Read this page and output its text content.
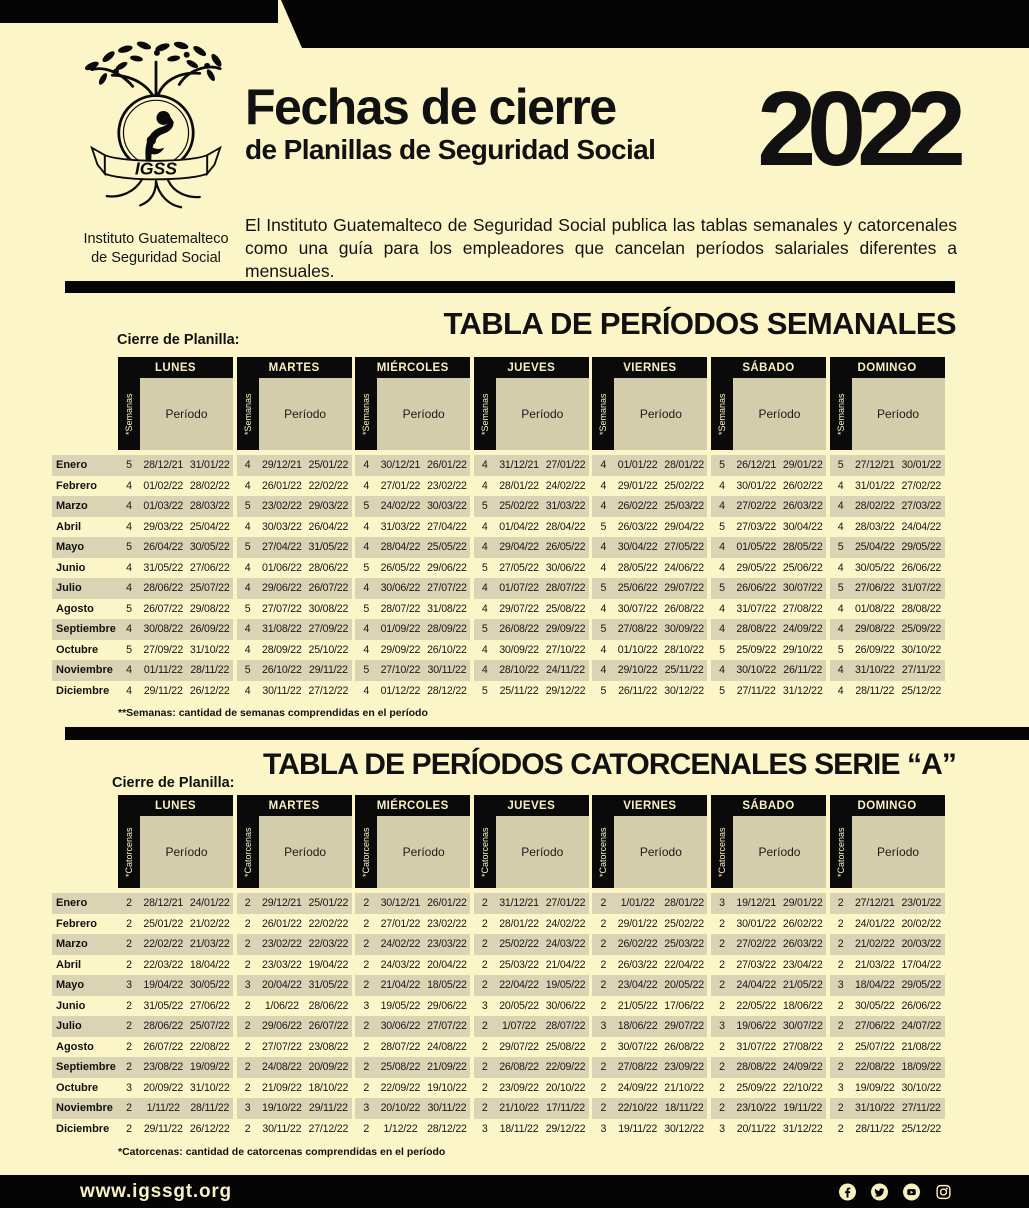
IGSS
Instituto Guatemalteco
de Seguridad Social
Fechas de cierre
de Planillas de Seguridad Social 2022

El Instituto Guatemalteco de Seguridad Social publica las tablas semanales y catorcenales como una guía para los empleadores que cancelan períodos salariales diferentes a mensuales.

TABLA DE PERÍODOS SEMANALES
Cierre de Planilla:
LUNES
*Semanas	Período
MARTES
*Semanas	Período
MIÉRCOLES
*Semanas	Período
JUEVES
*Semanas	Período
VIERNES
*Semanas	Período
SÁBADO
*Semanas	Período
DOMINGO
*Semanas	Período
Enero	5	28/12/21 31/01/22	4	29/12/21 25/01/22	4	30/12/21 26/01/22	4	31/12/21 27/01/22	4	01/01/22 28/01/22	5	26/12/21 29/01/22	5	27/12/21 30/01/22
Febrero	4	01/02/22 28/02/22	4	26/01/22 22/02/22	4	27/01/22 23/02/22	4	28/01/22 24/02/22	4	29/01/22 25/02/22	4	30/01/22 26/02/22	4	31/01/22 27/02/22
Marzo	4	01/03/22 28/03/22	5	23/02/22 29/03/22	5	24/02/22 30/03/22	5	25/02/22 31/03/22	4	26/02/22 25/03/22	4	27/02/22 26/03/22	4	28/02/22 27/03/22
Abril	4	29/03/22 25/04/22	4	30/03/22 26/04/22	4	31/03/22 27/04/22	4	01/04/22 28/04/22	5	26/03/22 29/04/22	5	27/03/22 30/04/22	4	28/03/22 24/04/22
Mayo	5	26/04/22 30/05/22	5	27/04/22 31/05/22	4	28/04/22 25/05/22	4	29/04/22 26/05/22	4	30/04/22 27/05/22	4	01/05/22 28/05/22	5	25/04/22 29/05/22
Junio	4	31/05/22 27/06/22	4	01/06/22 28/06/22	5	26/05/22 29/06/22	5	27/05/22 30/06/22	4	28/05/22 24/06/22	4	29/05/22 25/06/22	4	30/05/22 26/06/22
Julio	4	28/06/22 25/07/22	4	29/06/22 26/07/22	4	30/06/22 27/07/22	4	01/07/22 28/07/22	5	25/06/22 29/07/22	5	26/06/22 30/07/22	5	27/06/22 31/07/22
Agosto	5	26/07/22 29/08/22	5	27/07/22 30/08/22	5	28/07/22 31/08/22	4	29/07/22 25/08/22	4	30/07/22 26/08/22	4	31/07/22 27/08/22	4	01/08/22 28/08/22
Septiembre 4	30/08/22 26/09/22	4	31/08/22 27/09/22	4	01/09/22 28/09/22	5	26/08/22 29/09/22	5	27/08/22 30/09/22	4	28/08/22 24/09/22	4	29/08/22 25/09/22
Octubre	5	27/09/22 31/10/22	4	28/09/22 25/10/22	4	29/09/22 26/10/22	4	30/09/22 27/10/22	4	01/10/22 28/10/22	5	25/09/22 29/10/22	5	26/09/22 30/10/22
Noviembre	4	01/11/22 28/11/22	5	26/10/22 29/11/22	5	27/10/22 30/11/22	4	28/10/22 24/11/22	4	29/10/22 25/11/22	4	30/10/22 26/11/22	4	31/10/22 27/11/22
Diciembre	4	29/11/22 26/12/22	4	30/11/22 27/12/22	4	01/12/22 28/12/22	5	25/11/22 29/12/22	5	26/11/22 30/12/22	5	27/11/22 31/12/22	4	28/11/22 25/12/22
**Semanas: cantidad de semanas comprendidas en el período
TABLA DE PERÍODOS CATORCENALES SERIE “A”
Cierre de Planilla:
LUNES
*Catorcenas	Período
MARTES
*Catorcenas	Período
MIÉRCOLES
*Catorcenas	Período
JUEVES
*Catorcenas	Período
VIERNES
*Catorcenas	Período
SÁBADO
*Catorcenas	Período
DOMINGO
*Catorcenas	Período
Enero	2	28/12/21 24/01/22	2	29/12/21 25/01/22	2	30/12/21 26/01/22	2	31/12/21 27/01/22	2	1/01/22 28/01/22	3	19/12/21 29/01/22	2	27/12/21 23/01/22
Febrero	2	25/01/22 21/02/22	2	26/01/22 22/02/22	2	27/01/22 23/02/22	2	28/01/22 24/02/22	2	29/01/22 25/02/22	2	30/01/22 26/02/22	2	24/01/22 20/02/22
Marzo	2	22/02/22 21/03/22	2	23/02/22 22/03/22	2	24/02/22 23/03/22	2	25/02/22 24/03/22	2	26/02/22 25/03/22	2	27/02/22 26/03/22	2	21/02/22 20/03/22
Abril	2	22/03/22 18/04/22	2	23/03/22 19/04/22	2	24/03/22 20/04/22	2	25/03/22 21/04/22	2	26/03/22 22/04/22	2	27/03/22 23/04/22	2	21/03/22 17/04/22
Mayo	3	19/04/22 30/05/22	3	20/04/22 31/05/22	2	21/04/22 18/05/22	2	22/04/22 19/05/22	2	23/04/22 20/05/22	2	24/04/22 21/05/22	3	18/04/22 29/05/22
Junio	2	31/05/22 27/06/22	2	1/06/22 28/06/22	3	19/05/22 29/06/22	3	20/05/22 30/06/22	2	21/05/22 17/06/22	2	22/05/22 18/06/22	2	30/05/22 26/06/22
Julio	2	28/06/22 25/07/22	2	29/06/22 26/07/22	2	30/06/22 27/07/22	2	1/07/22 28/07/22	3	18/06/22 29/07/22	3	19/06/22 30/07/22	2	27/06/22 24/07/22
Agosto	2	26/07/22 22/08/22	2	27/07/22 23/08/22	2	28/07/22 24/08/22	2	29/07/22 25/08/22	2	30/07/22 26/08/22	2	31/07/22 27/08/22	2	25/07/22 21/08/22
Septiembre 2	23/08/22 19/09/22	2	24/08/22 20/09/22	2	25/08/22 21/09/22	2	26/08/22 22/09/22	2	27/08/22 23/09/22	2	28/08/22 24/09/22	2	22/08/22 18/09/22
Octubre	3	20/09/22 31/10/22	2	21/09/22 18/10/22	2	22/09/22 19/10/22	2	23/09/22 20/10/22	2	24/09/22 21/10/22	2	25/09/22 22/10/22	3	19/09/22 30/10/22
Noviembre	2	1/11/22 28/11/22	3	19/10/22 29/11/22	3	20/10/22 30/11/22	2	21/10/22 17/11/22	2	22/10/22 18/11/22	2	23/10/22 19/11/22	2	31/10/22 27/11/22
Diciembre	2	29/11/22 26/12/22	2	30/11/22 27/12/22	2	1/12/22 28/12/22	3	18/11/22 29/12/22	3	19/11/22 30/12/22	3	20/11/22 31/12/22	2	28/11/22 25/12/22
*Catorcenas: cantidad de catorcenas comprendidas en el período
www.igssgt.org
